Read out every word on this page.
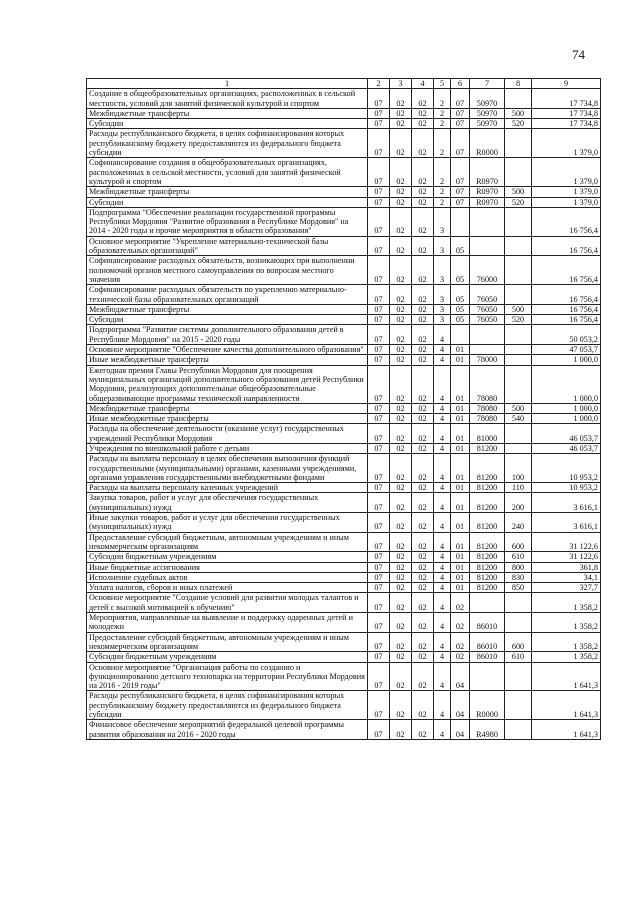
74
1	2	3	4	5	6	7	8	9
Создание в общеобразовательных организациях, расположенных в сельской местности, условий для занятий физической культурой и спортом	07	02	02	2	07	50970		17 734,8
Межбюджетные трансферты	07	02	02	2	07	50970	500	17 734,8
Субсидии	07	02	02	2	07	50970	520	17 734,8
Расходы республиканского бюджета, в целях софинансирования которых республиканскому бюджету предоставляются из федерального бюджета субсидии	07	02	02	2	07	R0000		1 379,0
Софинансирование создания в общеобразовательных организациях, расположенных в сельской местности, условий для занятий физической культурой и спортом	07	02	02	2	07	R0970		1 379,0
Межбюджетные трансферты	07	02	02	2	07	R0970	500	1 379,0
Субсидии	07	02	02	2	07	R0970	520	1 379,0
Подпрограмма "Обеспечение реализации государственной программы Республики Мордовия "Развитие образования в Республике Мордовия" на 2014 - 2020 годы и прочие мероприятия в области образования"	07	02	02	3				16 756,4
Основное мероприятие "Укрепление материально-технической базы образовательных организаций"	07	02	02	3	05			16 756,4
Софинансирование расходных обязательств, возникающих при выполнении полномочий органов местного самоуправления по вопросам местного значения	07	02	02	3	05	76000		16 756,4
Софинансирование расходных обязательств по укреплению материально-технической базы образовательных организаций	07	02	02	3	05	76050		16 756,4
Межбюджетные трансферты	07	02	02	3	05	76050	500	16 756,4
Субсидии	07	02	02	3	05	76050	520	16 756,4
Подпрограмма "Развитие системы дополнительного образования детей в Республике Мордовия" на 2015 - 2020 годы	07	02	02	4				50 053,2
Основное мероприятие "Обеспечение качества дополнительного образования"	07	02	02	4	01			47 053,7
Иные межбюджетные трансферты	07	02	02	4	01	78000		1 000,0
Ежегодная премия Главы Республики Мордовия для поощрения муниципальных организаций дополнительного образования детей Республики Мордовия, реализующих дополнительные общеобразовательные общеразвивающие программы технической направленности	07	02	02	4	01	78080		1 000,0
Межбюджетные трансферты	07	02	02	4	01	78080	500	1 000,0
Иные межбюджетные трансферты	07	02	02	4	01	78080	540	1 000,0
Расходы на обеспечение деятельности (оказание услуг) государственных учреждений Республики Мордовия	07	02	02	4	01	81000		46 053,7
Учреждения по внешкольной работе с детьми	07	02	02	4	01	81200		46 053,7
Расходы на выплаты персоналу в целях обеспечения выполнения функций государственными (муниципальными) органами, казенными учреждениями, органами управления государственными внебюджетными фондами	07	02	02	4	01	81200	100	10 953,2
Расходы на выплаты персоналу казенных учреждений	07	02	02	4	01	81200	110	10 953,2
Закупка товаров, работ и услуг для обеспечения государственных (муниципальных) нужд	07	02	02	4	01	81200	200	3 616,1
Иные закупки товаров, работ и услуг для обеспечения государственных (муниципальных) нужд	07	02	02	4	01	81200	240	3 616,1
Предоставление субсидий бюджетным, автономным учреждениям и иным некоммерческим организациям	07	02	02	4	01	81200	600	31 122,6
Субсидии бюджетным учреждениям	07	02	02	4	01	81200	610	31 122,6
Иные бюджетные ассигнования	07	02	02	4	01	81200	800	361,8
Исполнение судебных актов	07	02	02	4	01	81200	830	34,1
Уплата налогов, сборов и иных платежей	07	02	02	4	01	81200	850	327,7
Основное мероприятие "Создание условий для развития молодых талантов и детей с высокой мотивацией к обучению"	07	02	02	4	02			1 358,2
Мероприятия, направленные на выявление и поддержку одаренных детей и молодежи	07	02	02	4	02	86010		1 358,2
Предоставление субсидий бюджетным, автономным учреждениям и иным некоммерческим организациям	07	02	02	4	02	86010	600	1 358,2
Субсидии бюджетным учреждениям	07	02	02	4	02	86010	610	1 358,2
Основное мероприятие "Организация работы по созданию и функционированию детского технопарка на территории Республики Мордовия на 2016 - 2019 годы"	07	02	02	4	04			1 641,3
Расходы республиканского бюджета, в целях софинансирования которых республиканскому бюджету предоставляются из федерального бюджета субсидии	07	02	02	4	04	R0000		1 641,3
Финансовое обеспечение мероприятий федеральной целевой программы развития образования на 2016 - 2020 годы	07	02	02	4	04	R4980		1 641,3
